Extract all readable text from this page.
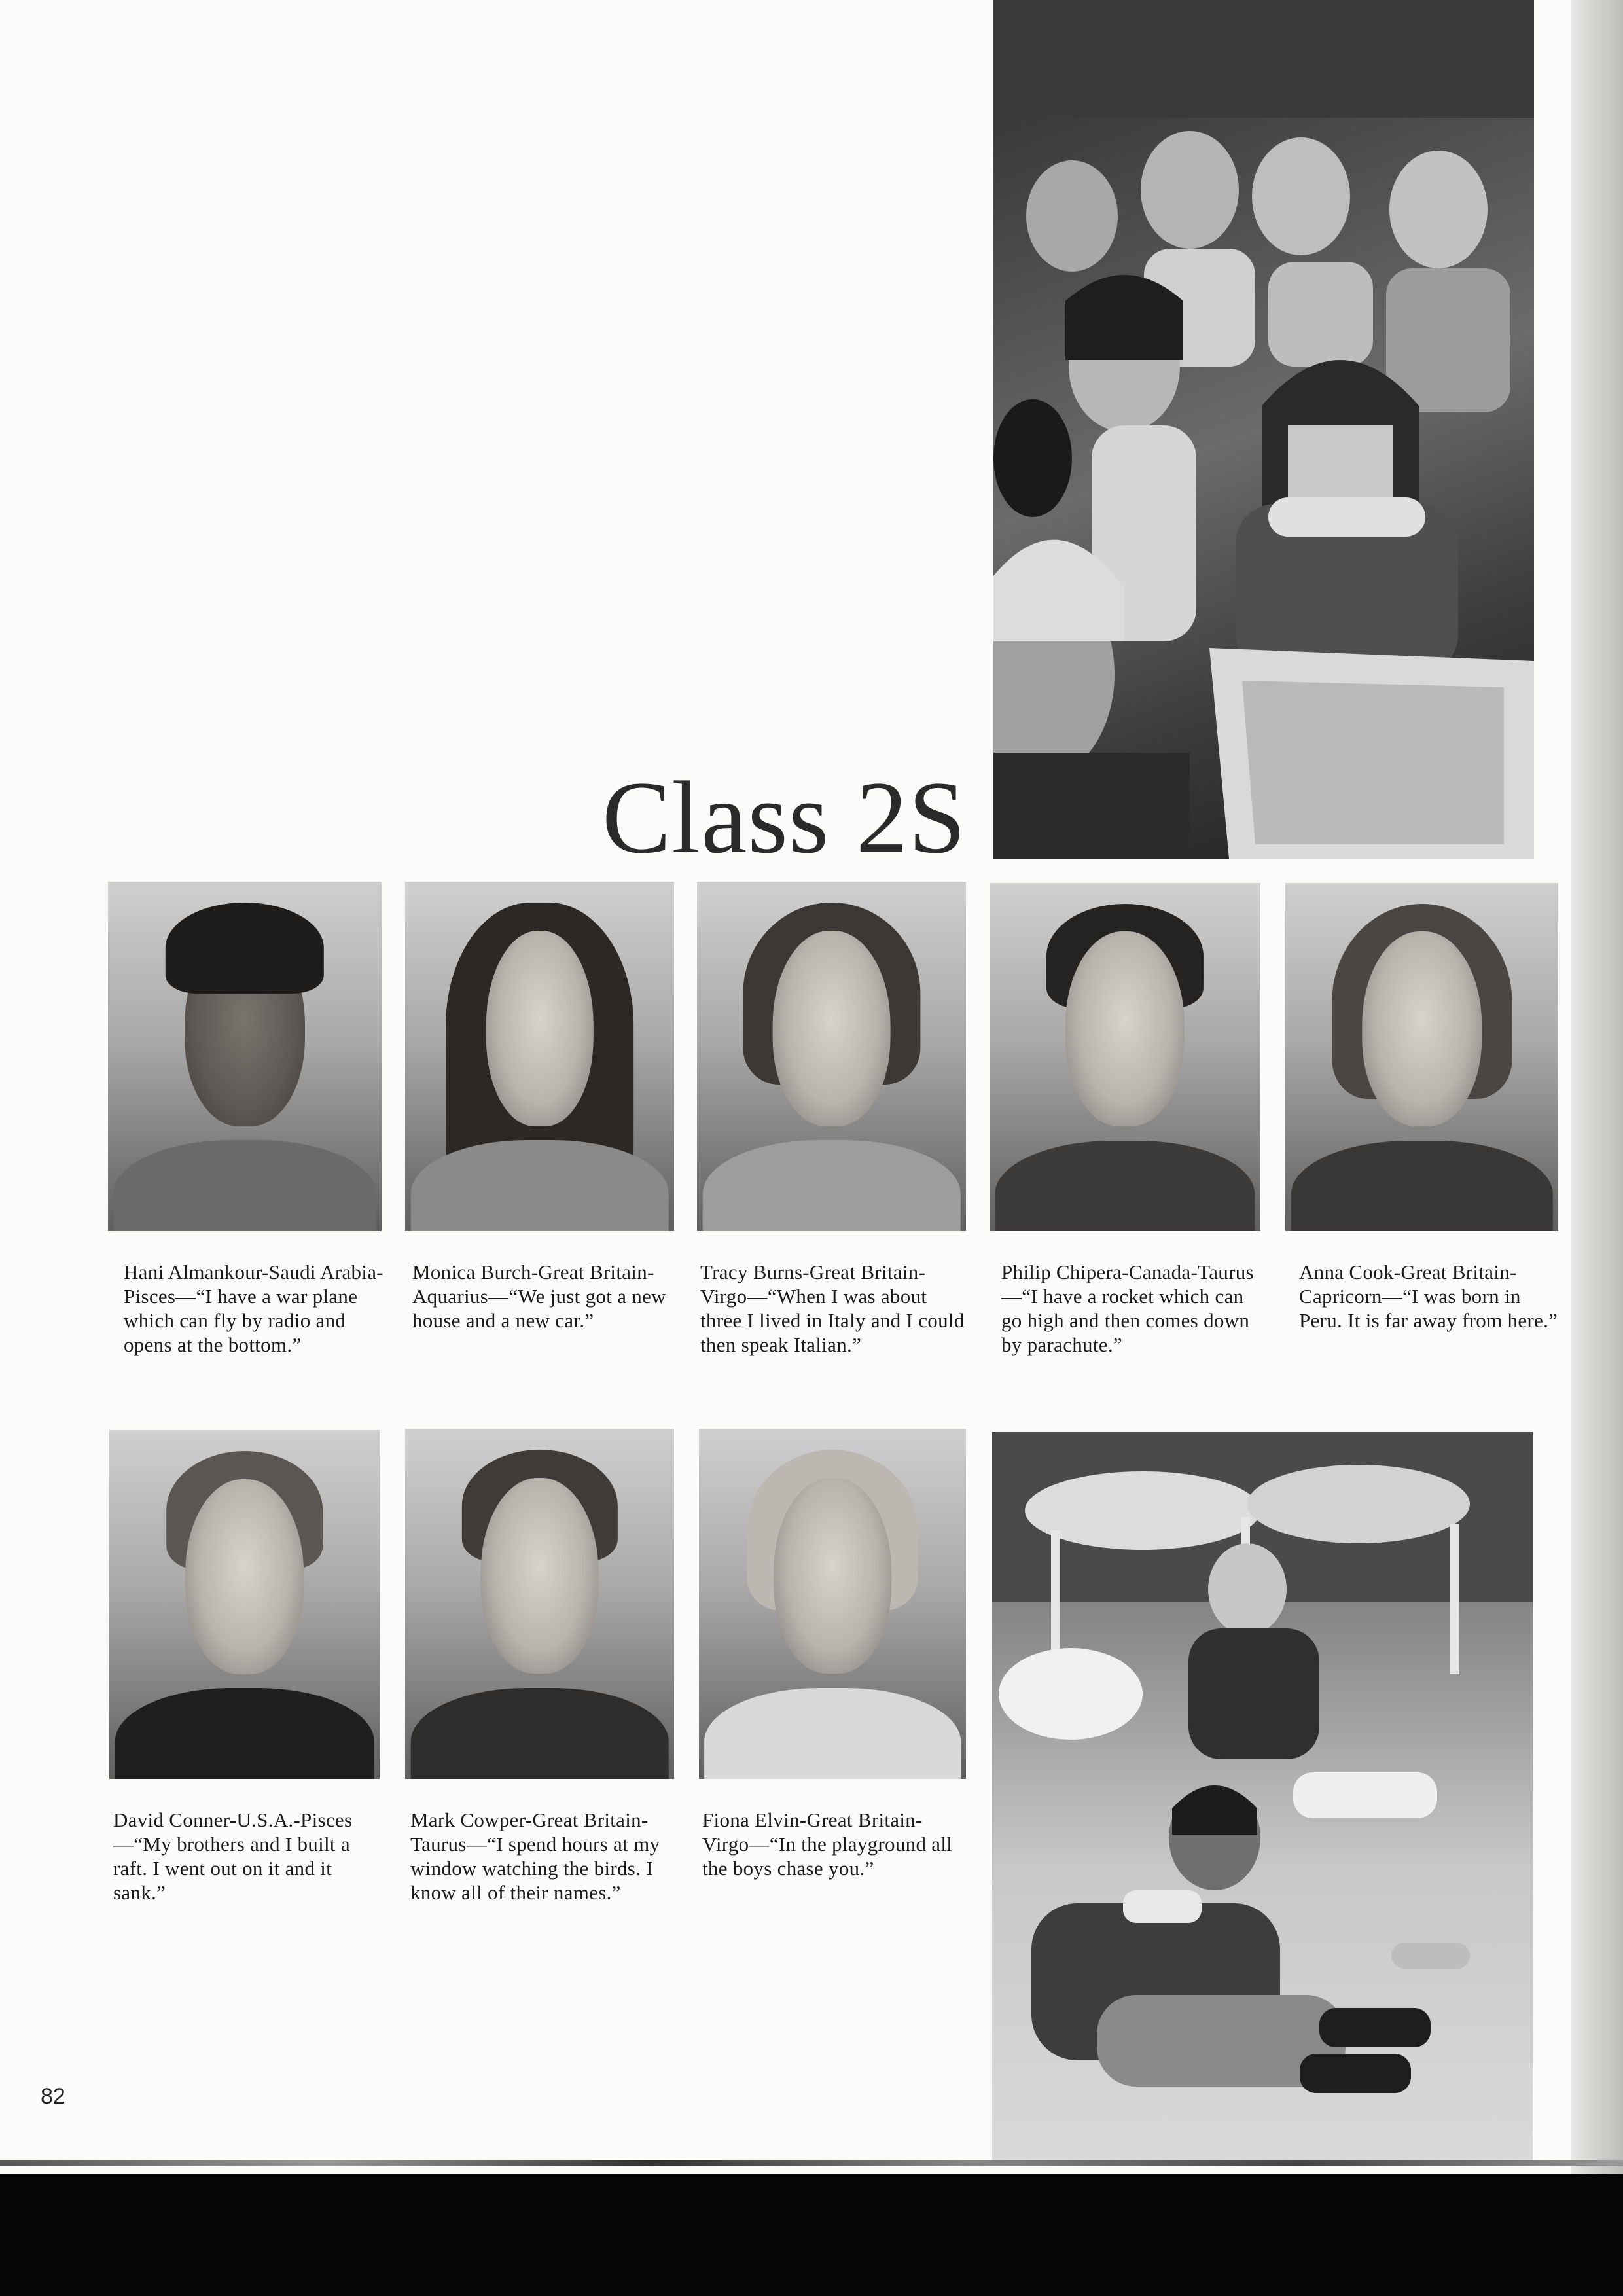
Class 2S
Hani Almankour-Saudi Arabia-Pisces—“I have a war plane which can fly by radio and opens at the bottom.”
Monica Burch-Great Britain-Aquarius—“We just got a new house and a new car.”
Tracy Burns-Great Britain-Virgo—“When I was about three I lived in Italy and I could then speak Italian.”
Philip Chipera-Canada-Taurus—“I have a rocket which can go high and then comes down by parachute.”
Anna Cook-Great Britain-Capricorn—“I was born in Peru. It is far away from here.”
David Conner-U.S.A.-Pisces—“My brothers and I built a raft. I went out on it and it sank.”
Mark Cowper-Great Britain-Taurus—“I spend hours at my window watching the birds. I know all of their names.”
Fiona Elvin-Great Britain-Virgo—“In the playground all the boys chase you.”
82
